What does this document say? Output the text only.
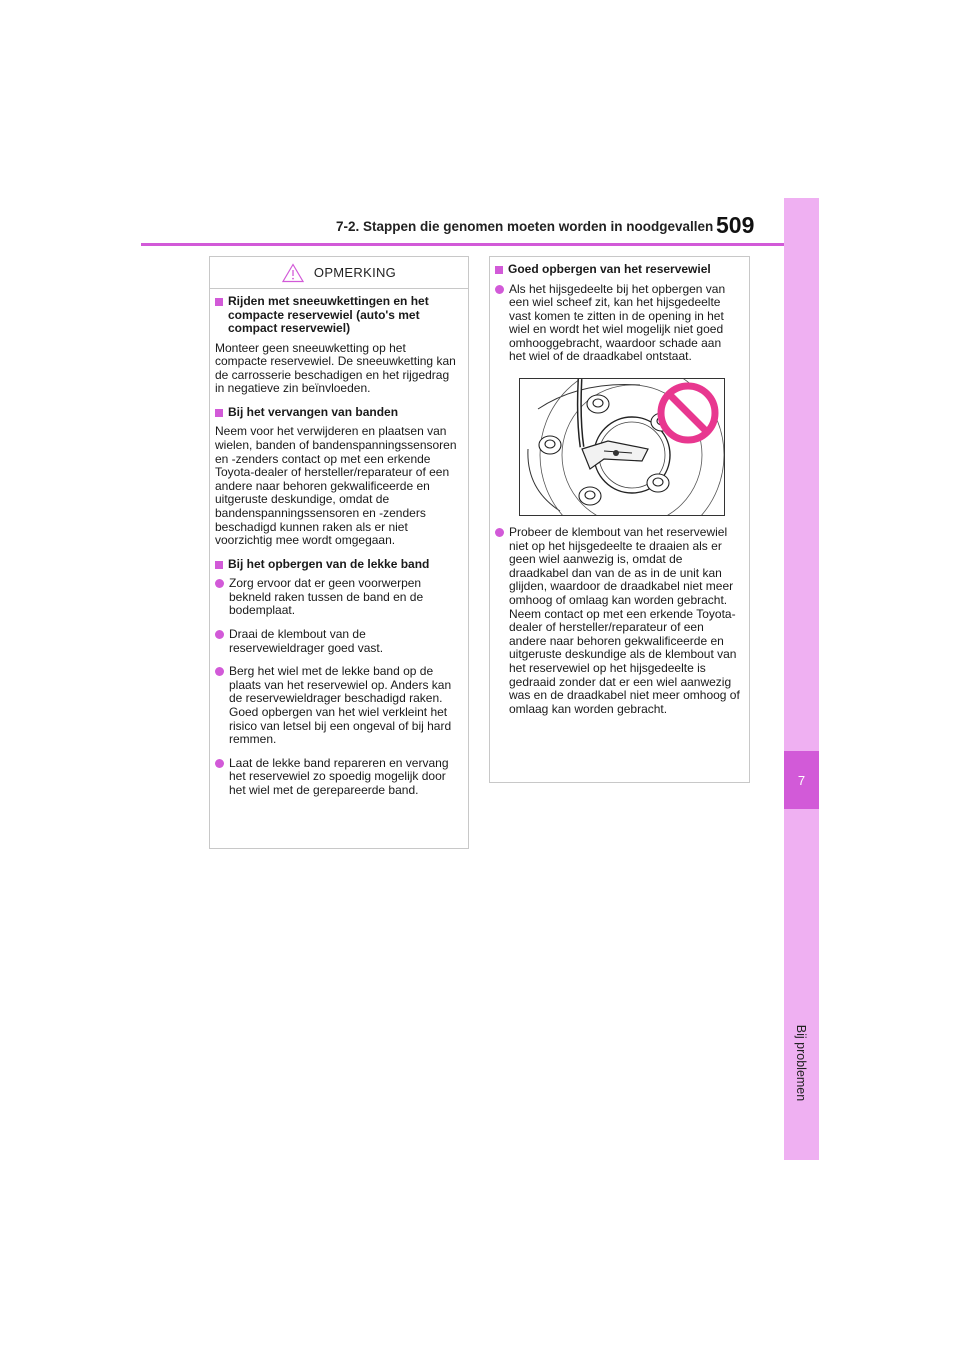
7
Bij problemen
7-2. Stappen die genomen moeten worden in noodgevallen 509
OPMERKING
Rijden met sneeuwkettingen en het compacte reservewiel (auto's met compact reservewiel)

Monteer geen sneeuwketting op het compacte reservewiel. De sneeuwketting kan de carrosserie beschadigen en het rijgedrag in negatieve zin beïnvloeden.

Bij het vervangen van banden

Neem voor het verwijderen en plaatsen van wielen, banden of bandenspanningssensoren en -zenders contact op met een erkende Toyota-dealer of hersteller/reparateur of een andere naar behoren gekwalificeerde en uitgeruste deskundige, omdat de bandenspanningssensoren en -zenders beschadigd kunnen raken als er niet voorzichtig mee wordt omgegaan.

Bij het opbergen van de lekke band
Zorg ervoor dat er geen voorwerpen bekneld raken tussen de band en de bodemplaat.
Draai de klembout van de reservewieldrager goed vast.
Berg het wiel met de lekke band op de plaats van het reservewiel op. Anders kan de reservewieldrager beschadigd raken. Goed opbergen van het wiel verkleint het risico van letsel bij een ongeval of bij hard remmen.
Laat de lekke band repareren en vervang het reservewiel zo spoedig mogelijk door het wiel met de gerepareerde band.
Goed opbergen van het reservewiel
Als het hijsgedeelte bij het opbergen van een wiel scheef zit, kan het hijsgedeelte vast komen te zitten in de opening in het wiel en wordt het wiel mogelijk niet goed omhooggebracht, waardoor schade aan het wiel of de draadkabel ontstaat.
Probeer de klembout van het reservewiel niet op het hijsgedeelte te draaien als er geen wiel aanwezig is, omdat de draadkabel dan van de as in de unit kan glijden, waardoor de draadkabel niet meer omhoog of omlaag kan worden gebracht. Neem contact op met een erkende Toyota-dealer of hersteller/reparateur of een andere naar behoren gekwalificeerde en uitgeruste deskundige als de klembout van het reservewiel op het hijsgedeelte is gedraaid zonder dat er een wiel aanwezig was en de draadkabel niet meer omhoog of omlaag kan worden gebracht.
